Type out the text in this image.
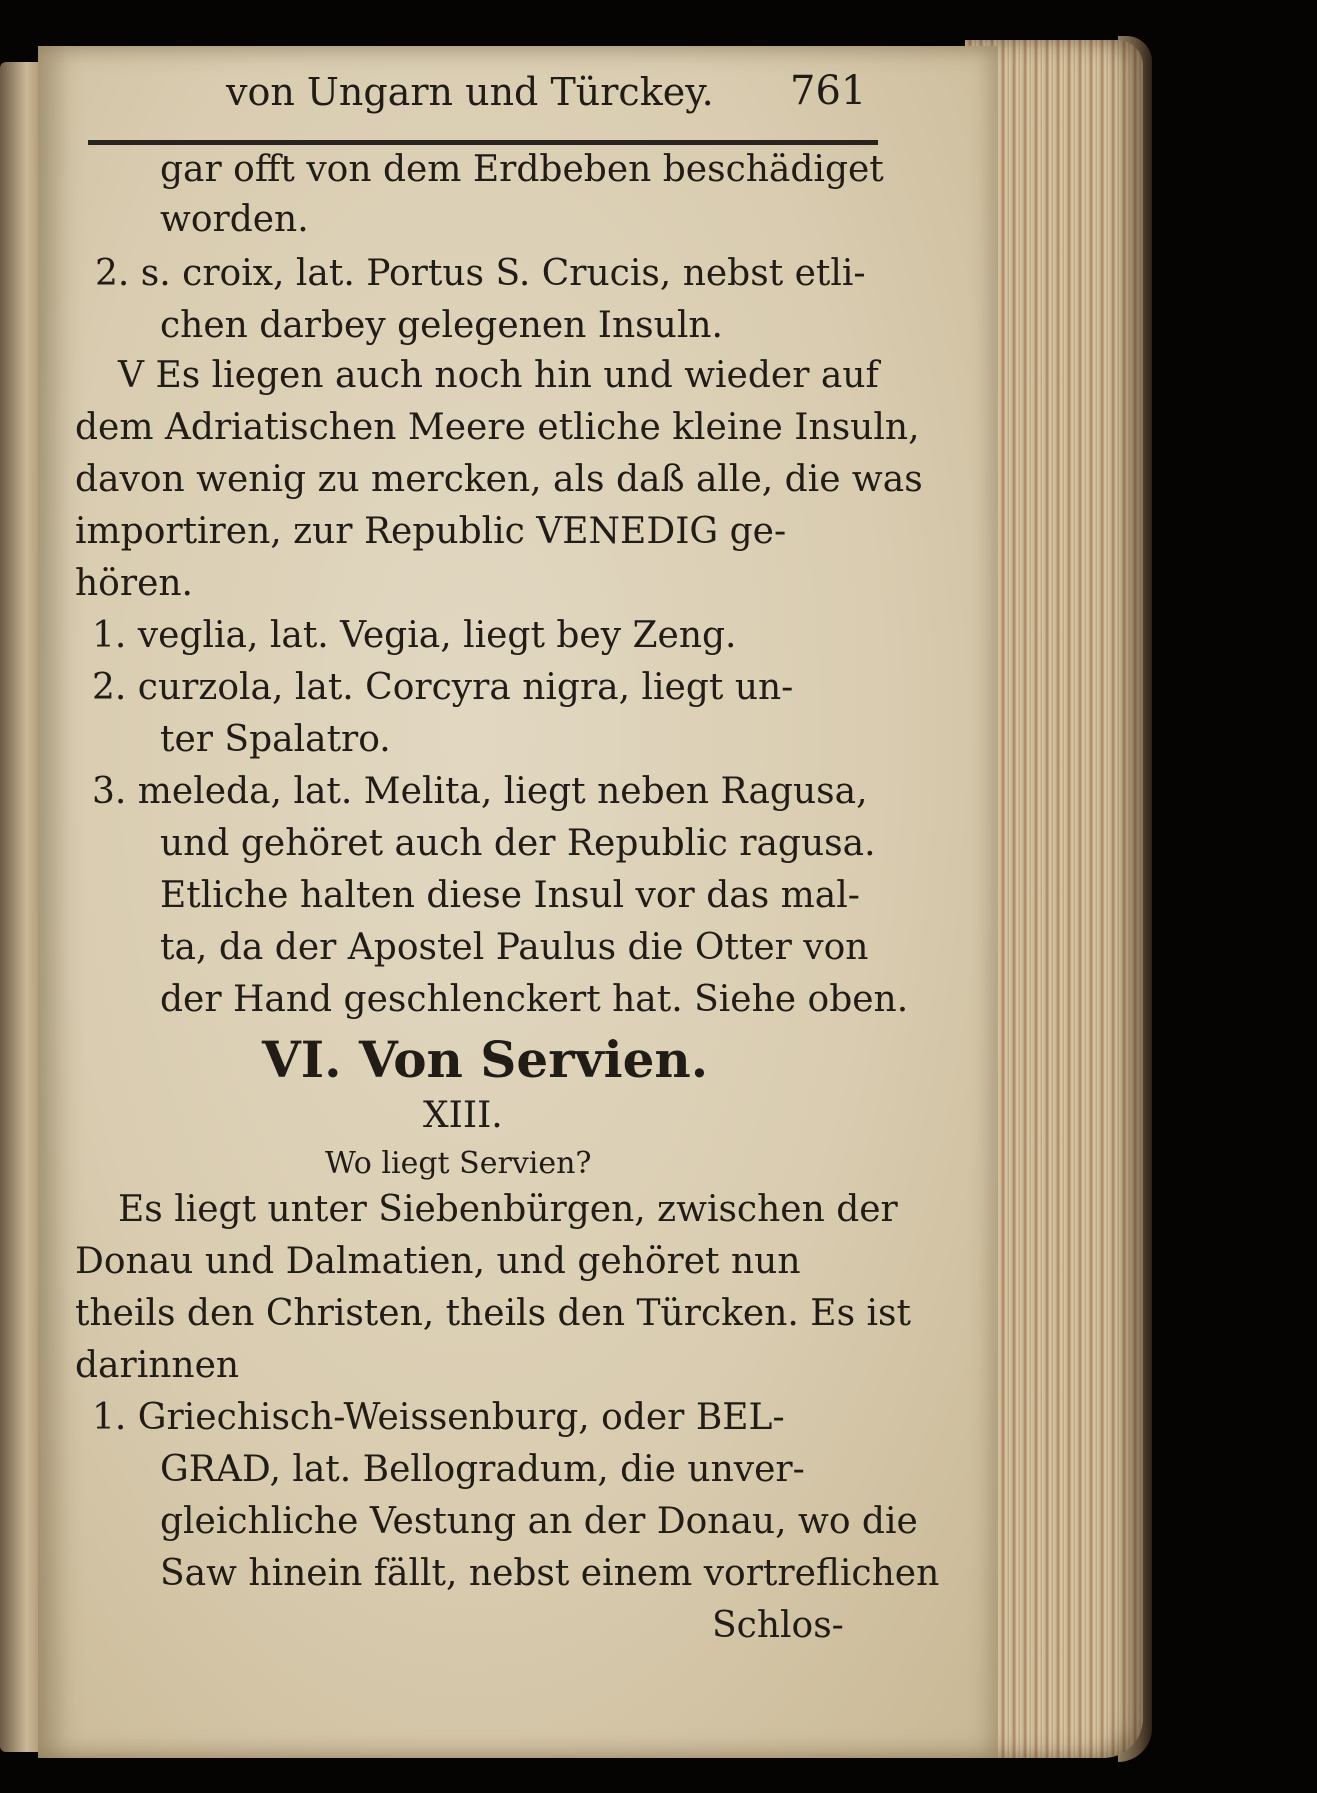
von Ungarn und Türckey. 761
gar offt von dem Erdbeben beschädiget
worden.
2. s. croix, lat. Portus S. Crucis, nebst etli-
chen darbey gelegenen Insuln.
V Es liegen auch noch hin und wieder auf
dem Adriatischen Meere etliche kleine Insuln,
davon wenig zu mercken, als daß alle, die was
importiren, zur Republic VENEDIG ge-
hören.
1. veglia, lat. Vegia, liegt bey Zeng.
2. curzola, lat. Corcyra nigra, liegt un-
ter Spalatro.
3. meleda, lat. Melita, liegt neben Ragusa,
und gehöret auch der Republic ragusa.
Etliche halten diese Insul vor das mal-
ta, da der Apostel Paulus die Otter von
der Hand geschlenckert hat. Siehe oben.
VI. Von Servien.
XIII.
Wo liegt Servien?
Es liegt unter Siebenbürgen, zwischen der
Donau und Dalmatien, und gehöret nun
theils den Christen, theils den Türcken. Es ist
darinnen
1. Griechisch-Weissenburg, oder BEL-
GRAD, lat. Bellogradum, die unver-
gleichliche Vestung an der Donau, wo die
Saw hinein fällt, nebst einem vortreflichen
Schlos-
